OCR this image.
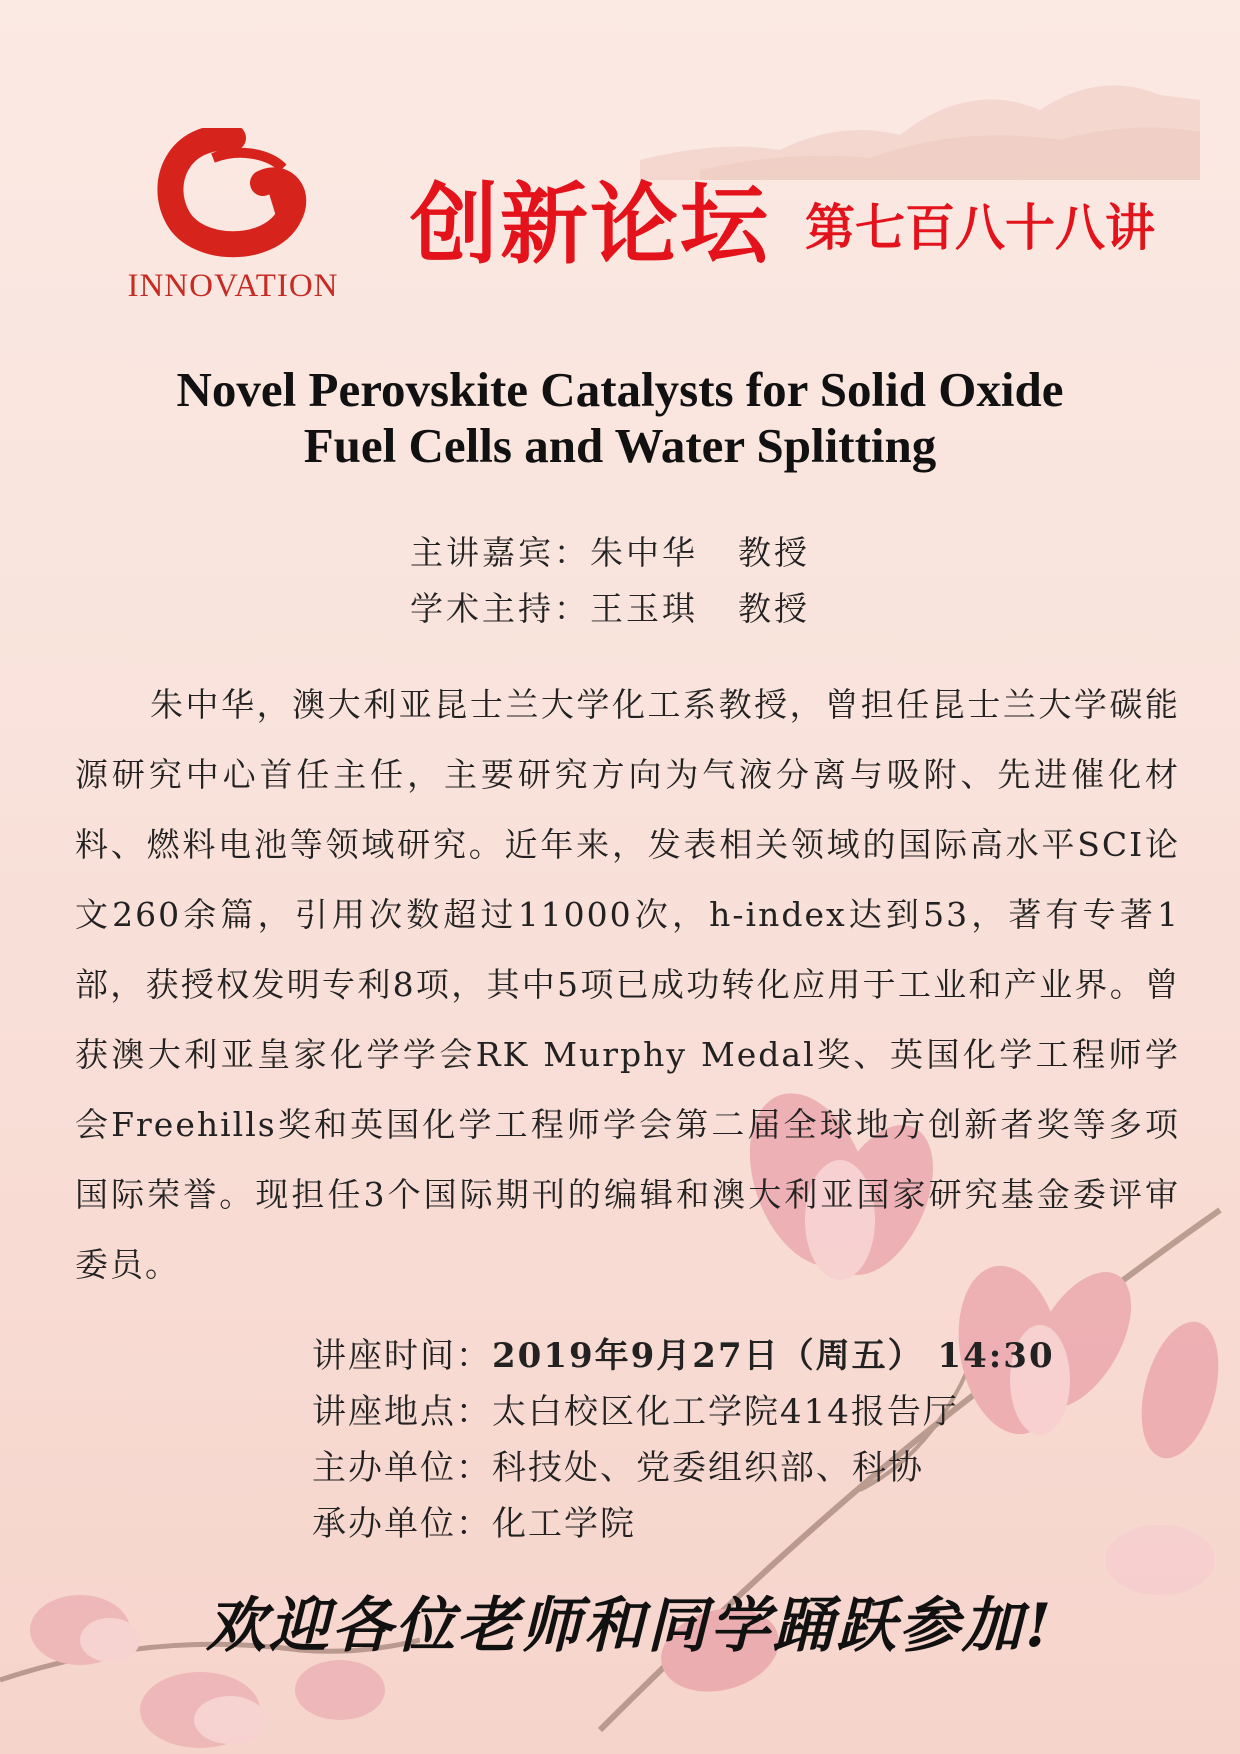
INNOVATION
创新论坛 第七百八十八讲
Novel Perovskite Catalysts for Solid Oxide
Fuel Cells and Water Splitting
主讲嘉宾：朱中华 教授
学术主持：王玉琪 教授
朱中华，澳大利亚昆士兰大学化工系教授，曾担任昆士兰大学碳能源研究中心首任主任，主要研究方向为气液分离与吸附、先进催化材料、燃料电池等领域研究。近年来，发表相关领域的国际高水平SCI论文260余篇，引用次数超过11000次，h-index达到53，著有专著1部，获授权发明专利8项，其中5项已成功转化应用于工业和产业界。曾获澳大利亚皇家化学学会RK Murphy Medal奖、英国化学工程师学会Freehills奖和英国化学工程师学会第二届全球地方创新者奖等多项国际荣誉。现担任3个国际期刊的编辑和澳大利亚国家研究基金委评审委员。
讲座时间：2019年9月27日（周五） 14:30
讲座地点：太白校区化工学院414报告厅
主办单位：科技处、党委组织部、科协
承办单位：化工学院
欢迎各位老师和同学踊跃参加!
